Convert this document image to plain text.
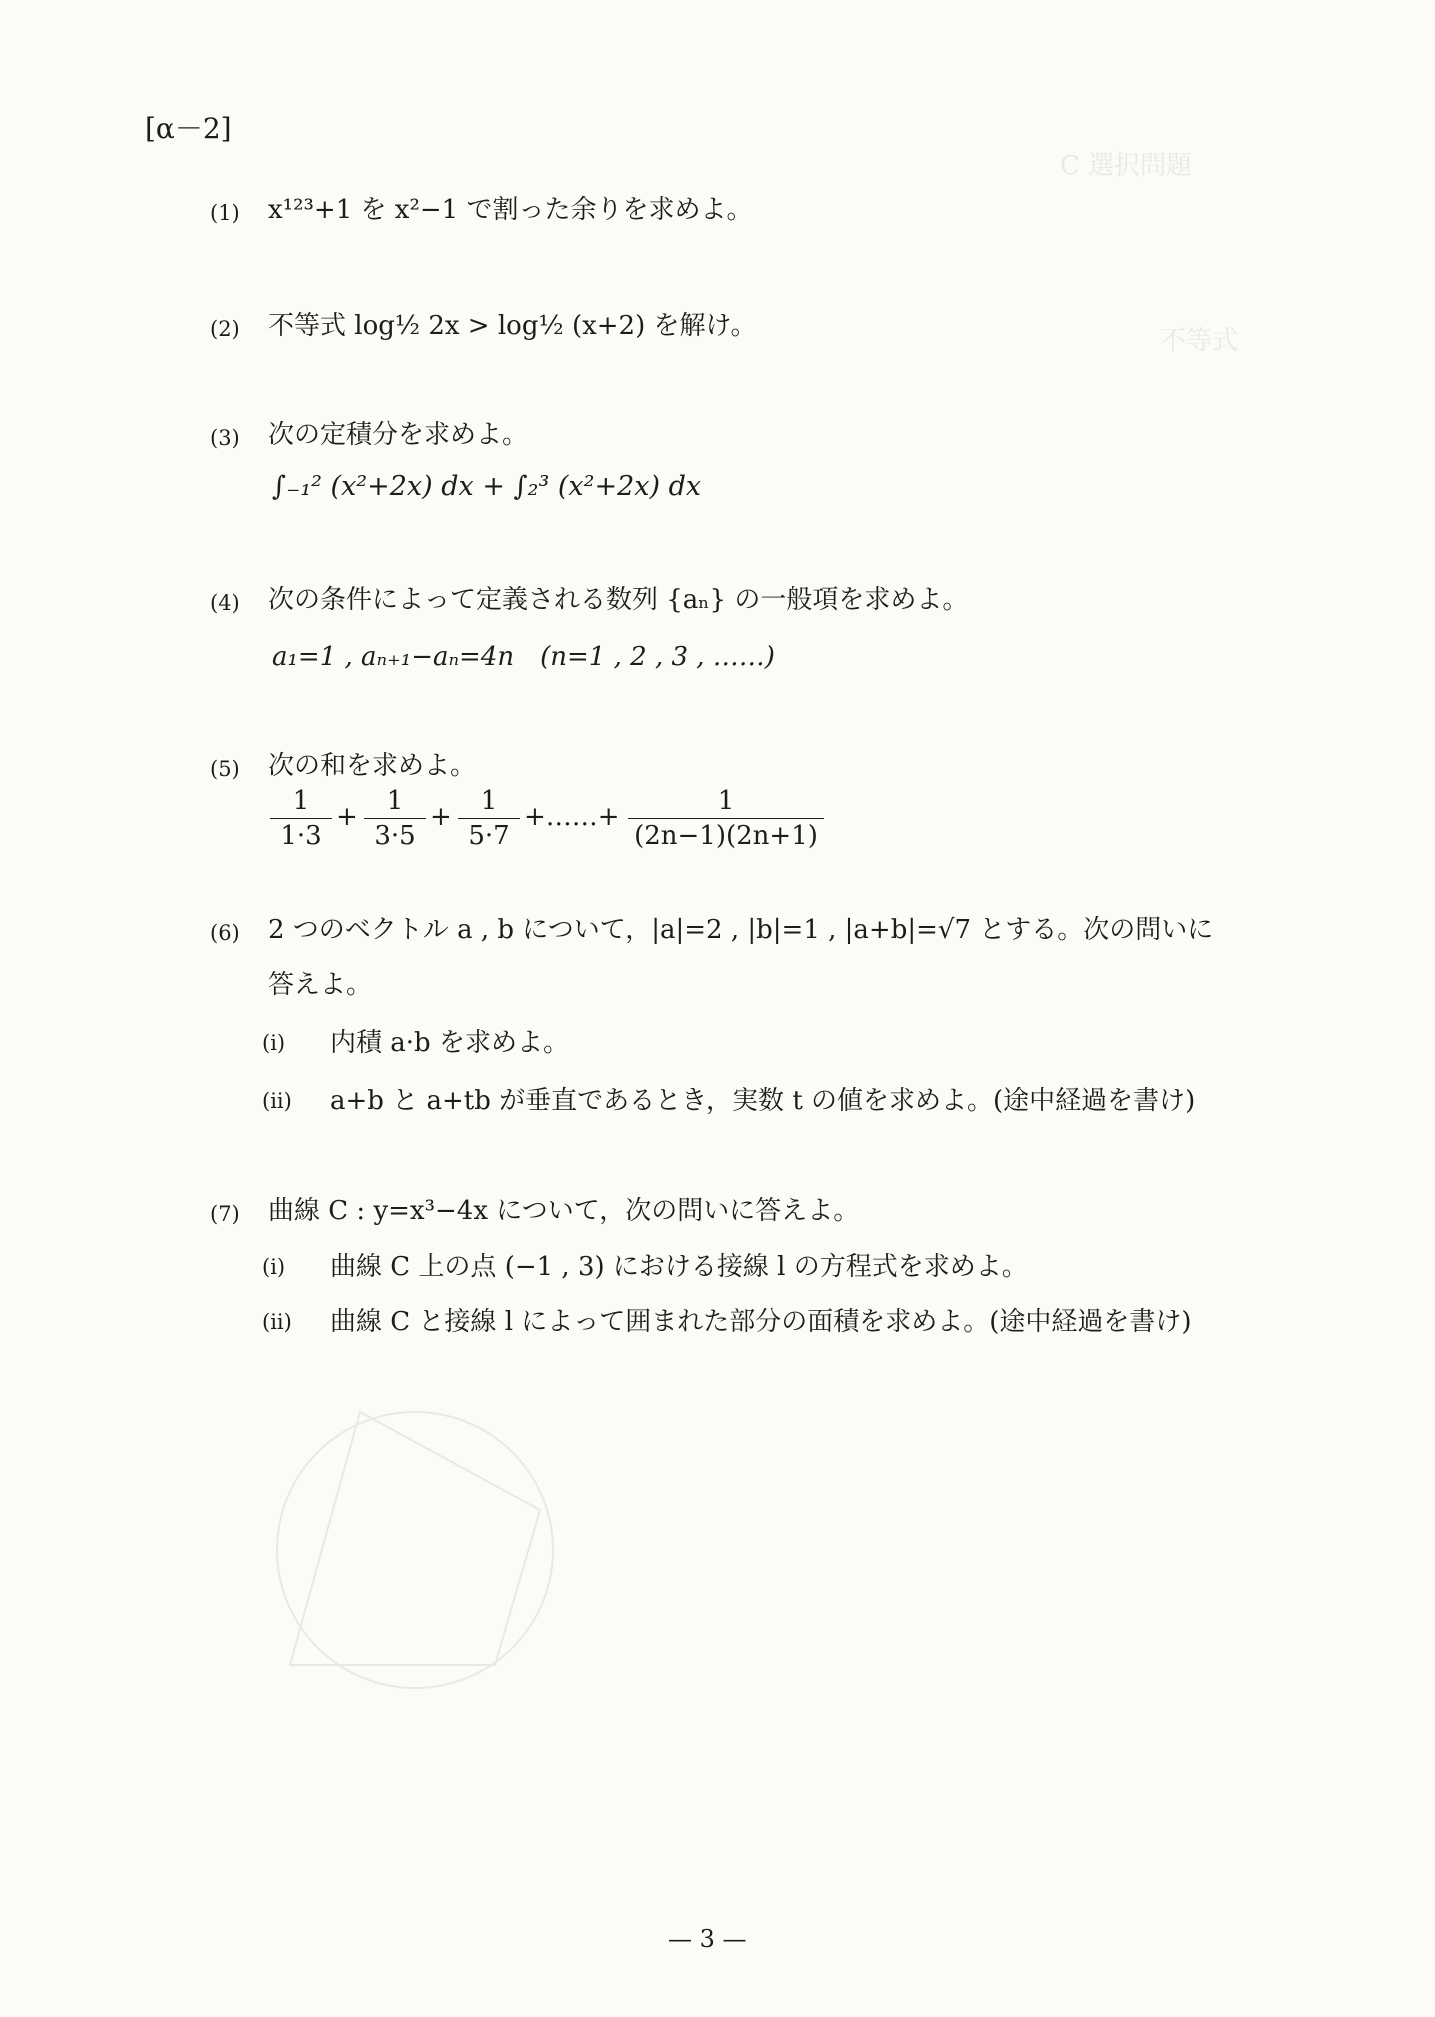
C 選択問題
不等式
[α－2]
(1) x¹²³+1 を x²−1 で割った余りを求めよ。
(2) 不等式 log½ 2x > log½ (x+2) を解け。
(3) 次の定積分を求めよ。
∫₋₁² (x²+2x) dx + ∫₂³ (x²+2x) dx
(4) 次の条件によって定義される数列 {aₙ} の一般項を求めよ。
a₁=1 , aₙ₊₁−aₙ=4n　(n=1 , 2 , 3 , ……)
(5) 次の和を求めよ。
$\frac{1}{1\cdot 3} + \frac{1}{3\cdot 5} + \frac{1}{5\cdot 7}$ +……+ $\frac{1}{(2n-1)(2n+1)}$
(6) 2 つのベクトル a , b について，|a|=2 , |b|=1 , |a+b|=√7 とする。次の問いに
答えよ。
(i) 内積 a·b を求めよ。
(ii) a+b と a+tb が垂直であるとき，実数 t の値を求めよ。(途中経過を書け)
(7) 曲線 C : y=x³−4x について，次の問いに答えよ。
(i) 曲線 C 上の点 (−1 , 3) における接線 l の方程式を求めよ。
(ii) 曲線 C と接線 l によって囲まれた部分の面積を求めよ。(途中経過を書け)
— 3 —
